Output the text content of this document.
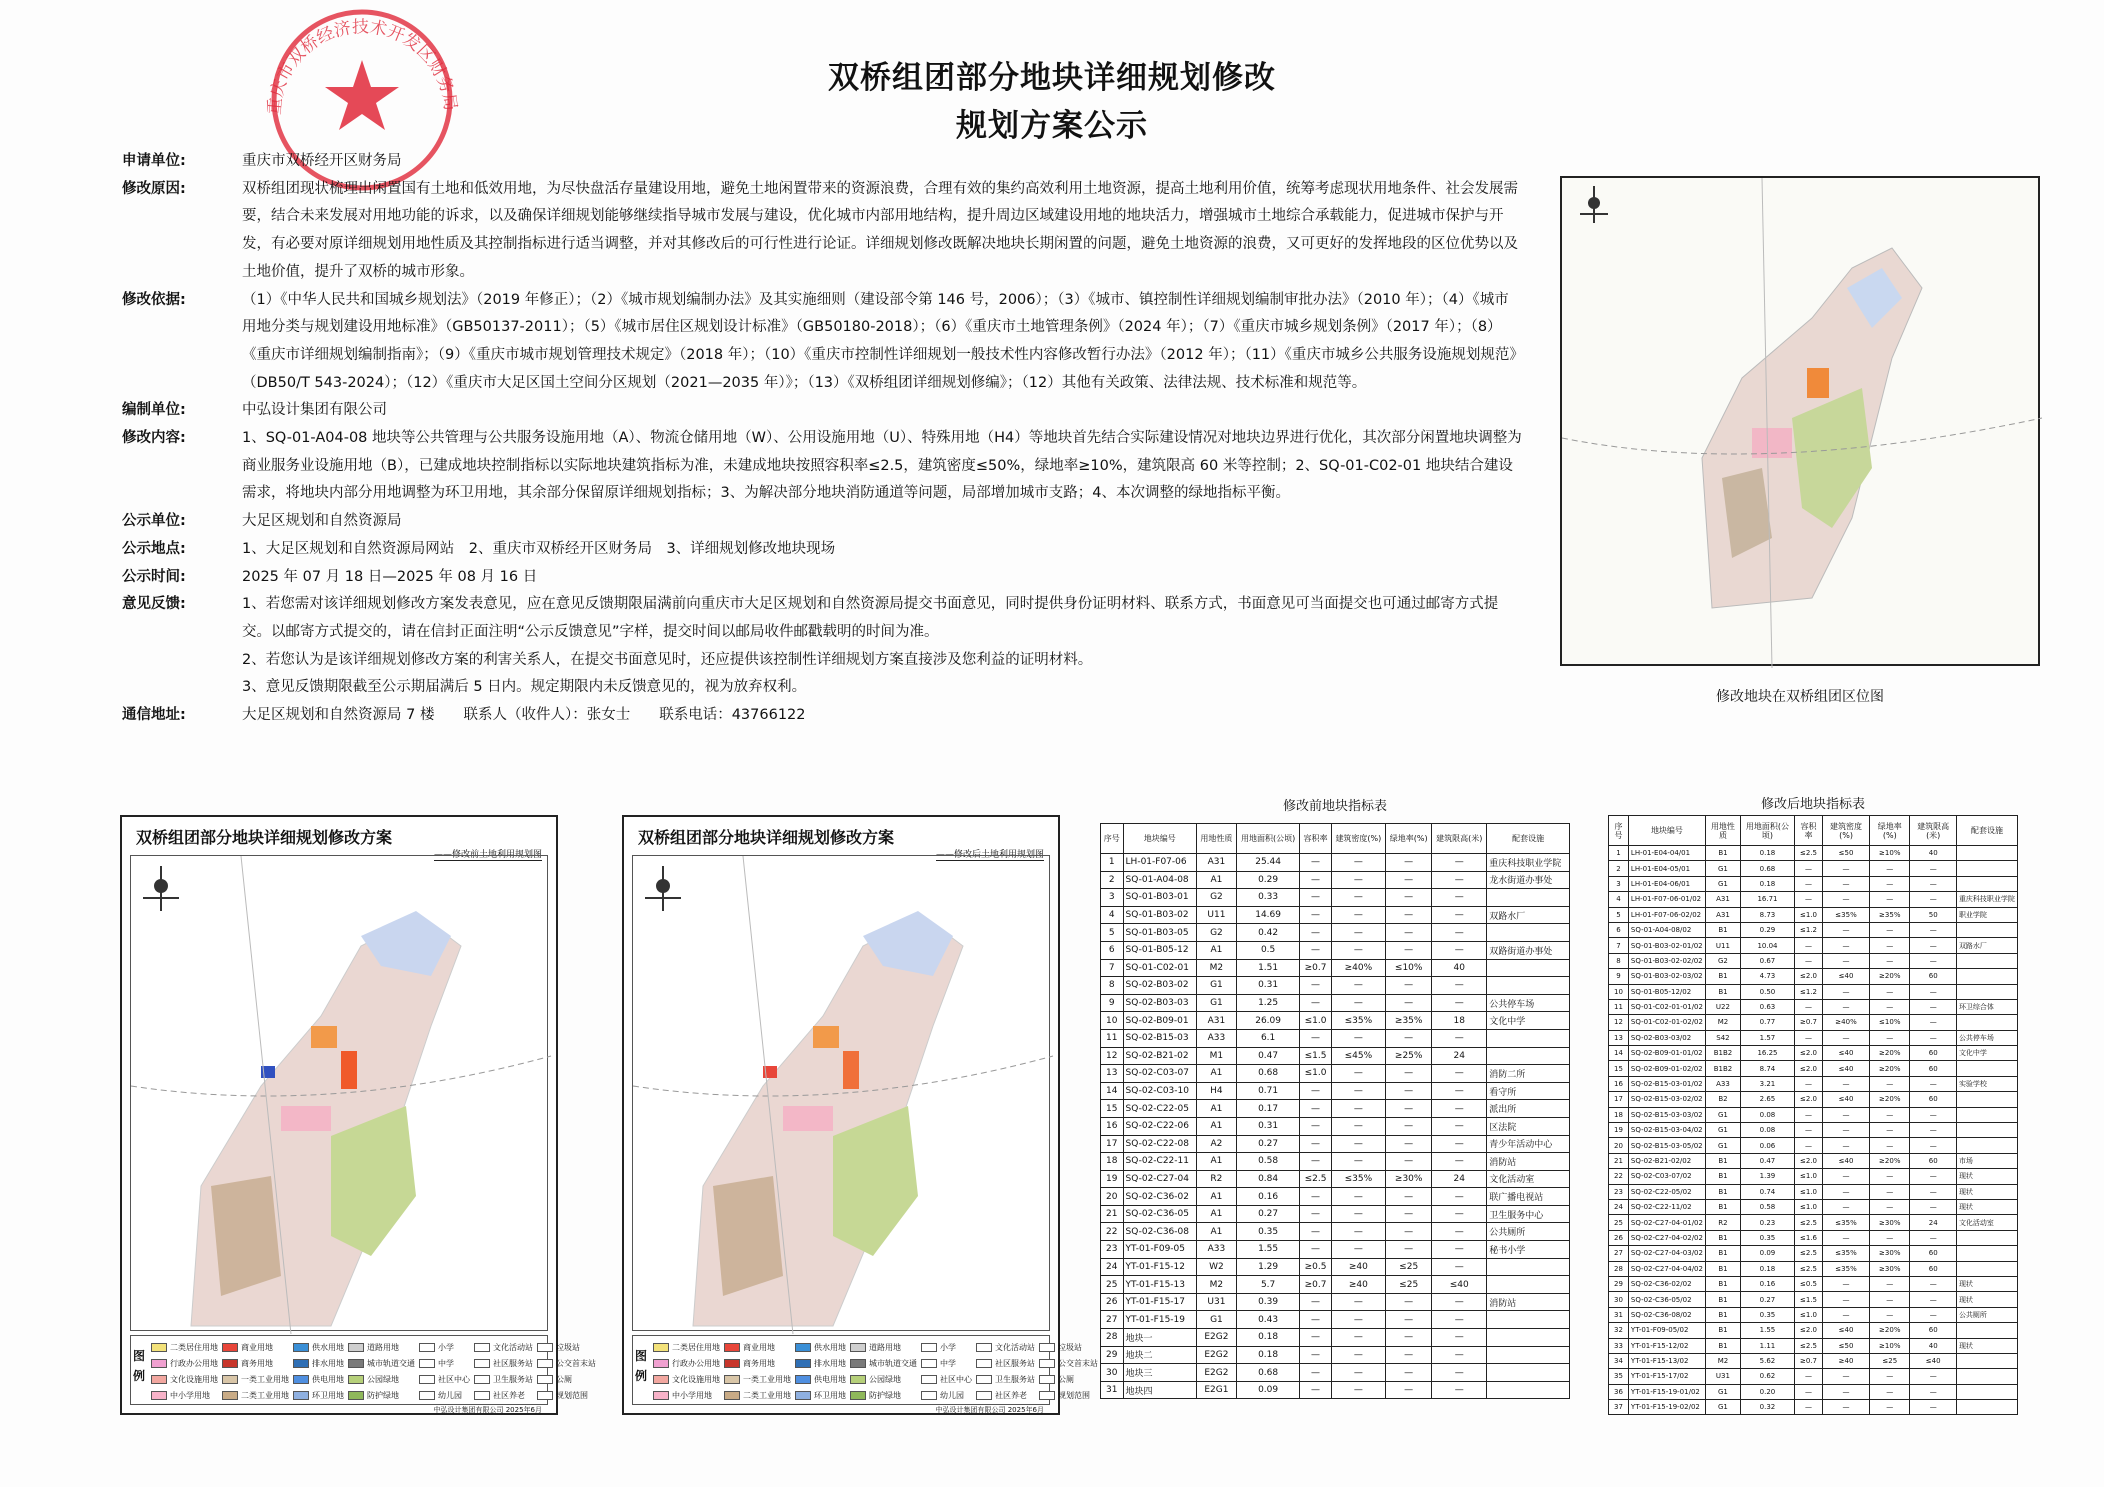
重庆市双桥经济技术开发区财务局
双桥组团部分地块详细规划修改
规划方案公示
申请单位:	重庆市双桥经开区财务局
修改原因:	双桥组团现状梳理出闲置国有土地和低效用地，为尽快盘活存量建设用地，避免土地闲置带来的资源浪费，合理有效的集约高效利用土地资源，提高土地利用价值，统筹考虑现状用地条件、社会发展需要，结合未来发展对用地功能的诉求，以及确保详细规划能够继续指导城市发展与建设，优化城市内部用地结构，提升周边区域建设用地的地块活力，增强城市土地综合承载能力，促进城市保护与开发，有必要对原详细规划用地性质及其控制指标进行适当调整，并对其修改后的可行性进行论证。详细规划修改既解决地块长期闲置的问题，避免土地资源的浪费，又可更好的发挥地段的区位优势以及土地价值，提升了双桥的城市形象。
修改依据:	（1）《中华人民共和国城乡规划法》（2019 年修正）；（2）《城市规划编制办法》及其实施细则（建设部令第 146 号，2006）；（3）《城市、镇控制性详细规划编制审批办法》（2010 年）；（4）《城市用地分类与规划建设用地标准》（GB50137-2011）；（5）《城市居住区规划设计标准》（GB50180-2018）；（6）《重庆市土地管理条例》（2024 年）；（7）《重庆市城乡规划条例》（2017 年）；（8）《重庆市详细规划编制指南》；（9）《重庆市城市规划管理技术规定》（2018 年）；（10）《重庆市控制性详细规划一般技术性内容修改暂行办法》（2012 年）；（11）《重庆市城乡公共服务设施规划规范》（DB50/T 543-2024）；（12）《重庆市大足区国土空间分区规划（2021—2035 年）》；（13）《双桥组团详细规划修编》；（12）其他有关政策、法律法规、技术标准和规范等。
编制单位:	中弘设计集团有限公司
修改内容:	1、SQ-01-A04-08 地块等公共管理与公共服务设施用地（A）、物流仓储用地（W）、公用设施用地（U）、特殊用地（H4）等地块首先结合实际建设情况对地块边界进行优化，其次部分闲置地块调整为商业服务业设施用地（B），已建成地块控制指标以实际地块建筑指标为准，未建成地块按照容积率≤2.5，建筑密度≤50%，绿地率≥10%，建筑限高 60 米等控制；2、SQ-01-C02-01 地块结合建设需求，将地块内部分用地调整为环卫用地，其余部分保留原详细规划指标；3、为解决部分地块消防通道等问题，局部增加城市支路；4、本次调整的绿地指标平衡。
公示单位:	大足区规划和自然资源局
公示地点:	1、大足区规划和自然资源局网站　2、重庆市双桥经开区财务局　3、详细规划修改地块现场
公示时间:	2025 年 07 月 18 日—2025 年 08 月 16 日
意见反馈:	1、若您需对该详细规划修改方案发表意见，应在意见反馈期限届满前向重庆市大足区规划和自然资源局提交书面意见，同时提供身份证明材料、联系方式，书面意见可当面提交也可通过邮寄方式提交。以邮寄方式提交的，请在信封正面注明“公示反馈意见”字样，提交时间以邮局收件邮戳载明的时间为准。
2、若您认为是该详细规划修改方案的利害关系人，在提交书面意见时，还应提供该控制性详细规划方案直接涉及您利益的证明材料。
3、意见反馈期限截至公示期届满后 5 日内。规定期限内未反馈意见的，视为放弃权利。
通信地址:	大足区规划和自然资源局 7 楼　　联系人（收件人）：张女士　　联系电话：43766122
修改地块在双桥组团区位图
双桥组团部分地块详细规划修改方案
——修改前土地利用规划图
图例
二类居住用地	商业用地	供水用地	道路用地	小学	文化活动站	垃圾站
行政办公用地	商务用地	排水用地	城市轨道交通	中学	社区服务站	公交首末站
文化设施用地	一类工业用地	供电用地	公园绿地	社区中心	卫生服务站	公厕
中小学用地	二类工业用地	环卫用地	防护绿地	幼儿园	社区养老	规划范围
中弘设计集团有限公司 2025年6月
双桥组团部分地块详细规划修改方案
——修改后土地利用规划图
图例
二类居住用地	商业用地	供水用地	道路用地	小学	文化活动站	垃圾站
行政办公用地	商务用地	排水用地	城市轨道交通	中学	社区服务站	公交首末站
文化设施用地	一类工业用地	供电用地	公园绿地	社区中心	卫生服务站	公厕
中小学用地	二类工业用地	环卫用地	防护绿地	幼儿园	社区养老	规划范围
中弘设计集团有限公司 2025年6月
修改前地块指标表
序号	地块编号	用地性质	用地面积(公顷)	容积率	建筑密度(%)	绿地率(%)	建筑限高(米)	配套设施
1	LH-01-F07-06	A31	25.44	—	—	—	—	重庆科技职业学院
2	SQ-01-A04-08	A1	0.29	—	—	—	—	龙水街道办事处
3	SQ-01-B03-01	G2	0.33	—	—	—	—	
4	SQ-01-B03-02	U11	14.69	—	—	—	—	双路水厂
5	SQ-01-B03-05	G2	0.42	—	—	—	—	
6	SQ-01-B05-12	A1	0.5	—	—	—	—	双路街道办事处
7	SQ-01-C02-01	M2	1.51	≥0.7	≥40%	≤10%	40	
8	SQ-02-B03-02	G1	0.31	—	—	—	—	
9	SQ-02-B03-03	G1	1.25	—	—	—	—	公共停车场
10	SQ-02-B09-01	A31	26.09	≤1.0	≤35%	≥35%	18	文化中学
11	SQ-02-B15-03	A33	6.1	—	—	—	—	
12	SQ-02-B21-02	M1	0.47	≤1.5	≤45%	≥25%	24	
13	SQ-02-C03-07	A1	0.68	≤1.0	—	—	—	消防二所
14	SQ-02-C03-10	H4	0.71	—	—	—	—	看守所
15	SQ-02-C22-05	A1	0.17	—	—	—	—	派出所
16	SQ-02-C22-06	A1	0.31	—	—	—	—	区法院
17	SQ-02-C22-08	A2	0.27	—	—	—	—	青少年活动中心
18	SQ-02-C22-11	A1	0.58	—	—	—	—	消防站
19	SQ-02-C27-04	R2	0.84	≤2.5	≤35%	≥30%	24	文化活动室
20	SQ-02-C36-02	A1	0.16	—	—	—	—	联广播电视站
21	SQ-02-C36-05	A1	0.27	—	—	—	—	卫生服务中心
22	SQ-02-C36-08	A1	0.35	—	—	—	—	公共厕所
23	YT-01-F09-05	A33	1.55	—	—	—	—	秘书小学
24	YT-01-F15-12	W2	1.29	≥0.5	≥40	≤25	—	
25	YT-01-F15-13	M2	5.7	≥0.7	≥40	≤25	≤40	
26	YT-01-F15-17	U31	0.39	—	—	—	—	消防站
27	YT-01-F15-19	G1	0.43	—	—	—	—	
28	地块一	E2G2	0.18	—	—	—	—	
29	地块二	E2G2	0.18	—	—	—	—	
30	地块三	E2G2	0.68	—	—	—	—	
31	地块四	E2G1	0.09	—	—	—	—	
修改后地块指标表
序号	地块编号	用地性质	用地面积(公顷)	容积率	建筑密度(%)	绿地率(%)	建筑限高(米)	配套设施
1	LH-01-E04-04/01	B1	0.18	≤2.5	≤50	≥10%	40	
2	LH-01-E04-05/01	G1	0.68	—	—	—	—	
3	LH-01-E04-06/01	G1	0.18	—	—	—	—	
4	LH-01-F07-06-01/02	A31	16.71	—	—	—	—	重庆科技职业学院
5	LH-01-F07-06-02/02	A31	8.73	≤1.0	≤35%	≥35%	50	职业学院
6	SQ-01-A04-08/02	B1	0.29	≤1.2	—	—	—	
7	SQ-01-B03-02-01/02	U11	10.04	—	—	—	—	双路水厂
8	SQ-01-B03-02-02/02	G2	0.67	—	—	—	—	
9	SQ-01-B03-02-03/02	B1	4.73	≤2.0	≤40	≥20%	60	
10	SQ-01-B05-12/02	B1	0.50	≤1.2	—	—	—	
11	SQ-01-C02-01-01/02	U22	0.63	—	—	—	—	环卫综合体
12	SQ-01-C02-01-02/02	M2	0.77	≥0.7	≥40%	≤10%	—	
13	SQ-02-B03-03/02	S42	1.57	—	—	—	—	公共停车场
14	SQ-02-B09-01-01/02	B1B2	16.25	≤2.0	≤40	≥20%	60	文化中学
15	SQ-02-B09-01-02/02	B1B2	8.74	≤2.0	≤40	≥20%	60	
16	SQ-02-B15-03-01/02	A33	3.21	—	—	—	—	实验学校
17	SQ-02-B15-03-02/02	B2	2.65	≤2.0	≤40	≥20%	60	
18	SQ-02-B15-03-03/02	G1	0.08	—	—	—	—	
19	SQ-02-B15-03-04/02	G1	0.08	—	—	—	—	
20	SQ-02-B15-03-05/02	G1	0.06	—	—	—	—	
21	SQ-02-B21-02/02	B1	0.47	≤2.0	≤40	≥20%	60	市场
22	SQ-02-C03-07/02	B1	1.39	≤1.0	—	—	—	现状
23	SQ-02-C22-05/02	B1	0.74	≤1.0	—	—	—	现状
24	SQ-02-C22-11/02	B1	0.58	≤1.0	—	—	—	现状
25	SQ-02-C27-04-01/02	R2	0.23	≤2.5	≤35%	≥30%	24	文化活动室
26	SQ-02-C27-04-02/02	B1	0.35	≤1.6	—	—	—	
27	SQ-02-C27-04-03/02	B1	0.09	≤2.5	≤35%	≥30%	60	
28	SQ-02-C27-04-04/02	B1	0.18	≤2.5	≤35%	≥30%	60	
29	SQ-02-C36-02/02	B1	0.16	≤0.5	—	—	—	现状
30	SQ-02-C36-05/02	B1	0.27	≤1.5	—	—	—	现状
31	SQ-02-C36-08/02	B1	0.35	≤1.0	—	—	—	公共厕所
32	YT-01-F09-05/02	B1	1.55	≤2.0	≤40	≥20%	60	
33	YT-01-F15-12/02	B1	1.11	≤2.5	≤50	≥10%	40	现状
34	YT-01-F15-13/02	M2	5.62	≥0.7	≥40	≤25	≤40	
35	YT-01-F15-17/02	U31	0.62	—	—	—	—	
36	YT-01-F15-19-01/02	G1	0.20	—	—	—	—	
37	YT-01-F15-19-02/02	G1	0.32	—	—	—	—	
